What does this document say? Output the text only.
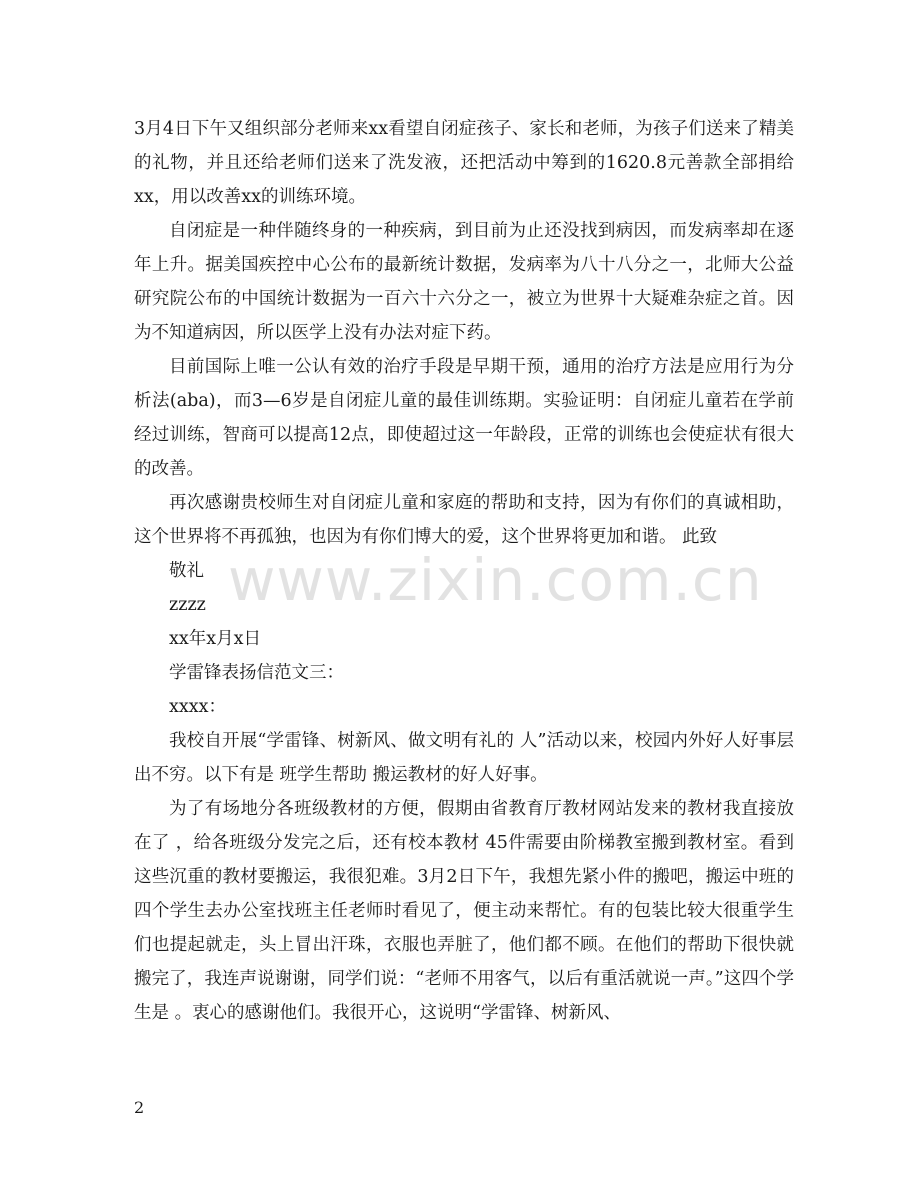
www.zixin.com.cn

3月4日下午又组织部分老师来xx看望自闭症孩子、家长和老师，为孩子们送来了精美的礼物，并且还给老师们送来了洗发液，还把活动中筹到的1620.8元善款全部捐给xx，用以改善xx的训练环境。

自闭症是一种伴随终身的一种疾病，到目前为止还没找到病因，而发病率却在逐年上升。据美国疾控中心公布的最新统计数据，发病率为八十八分之一，北师大公益研究院公布的中国统计数据为一百六十六分之一，被立为世界十大疑难杂症之首。因为不知道病因，所以医学上没有办法对症下药。

目前国际上唯一公认有效的治疗手段是早期干预，通用的治疗方法是应用行为分析法(aba)，而3—6岁是自闭症儿童的最佳训练期。实验证明：自闭症儿童若在学前经过训练，智商可以提高12点，即使超过这一年龄段，正常的训练也会使症状有很大的改善。

再次感谢贵校师生对自闭症儿童和家庭的帮助和支持，因为有你们的真诚相助，这个世界将不再孤独，也因为有你们博大的爱，这个世界将更加和谐。 此致

敬礼

zzzz

xx年x月x日

学雷锋表扬信范文三：

xxxx：

我校自开展“学雷锋、树新风、做文明有礼的 人”活动以来，校园内外好人好事层出不穷。以下有是 班学生帮助 搬运教材的好人好事。

为了有场地分各班级教材的方便，假期由省教育厅教材网站发来的教材我直接放在了 ，给各班级分发完之后，还有校本教材 45件需要由阶梯教室搬到教材室。看到这些沉重的教材要搬运，我很犯难。3月2日下午，我想先紧小件的搬吧，搬运中班的四个学生去办公室找班主任老师时看见了，便主动来帮忙。有的包装比较大很重学生们也提起就走，头上冒出汗珠，衣服也弄脏了，他们都不顾。在他们的帮助下很快就搬完了，我连声说谢谢，同学们说：“老师不用客气，以后有重活就说一声。”这四个学生是 。衷心的感谢他们。我很开心，这说明“学雷锋、树新风、

2
